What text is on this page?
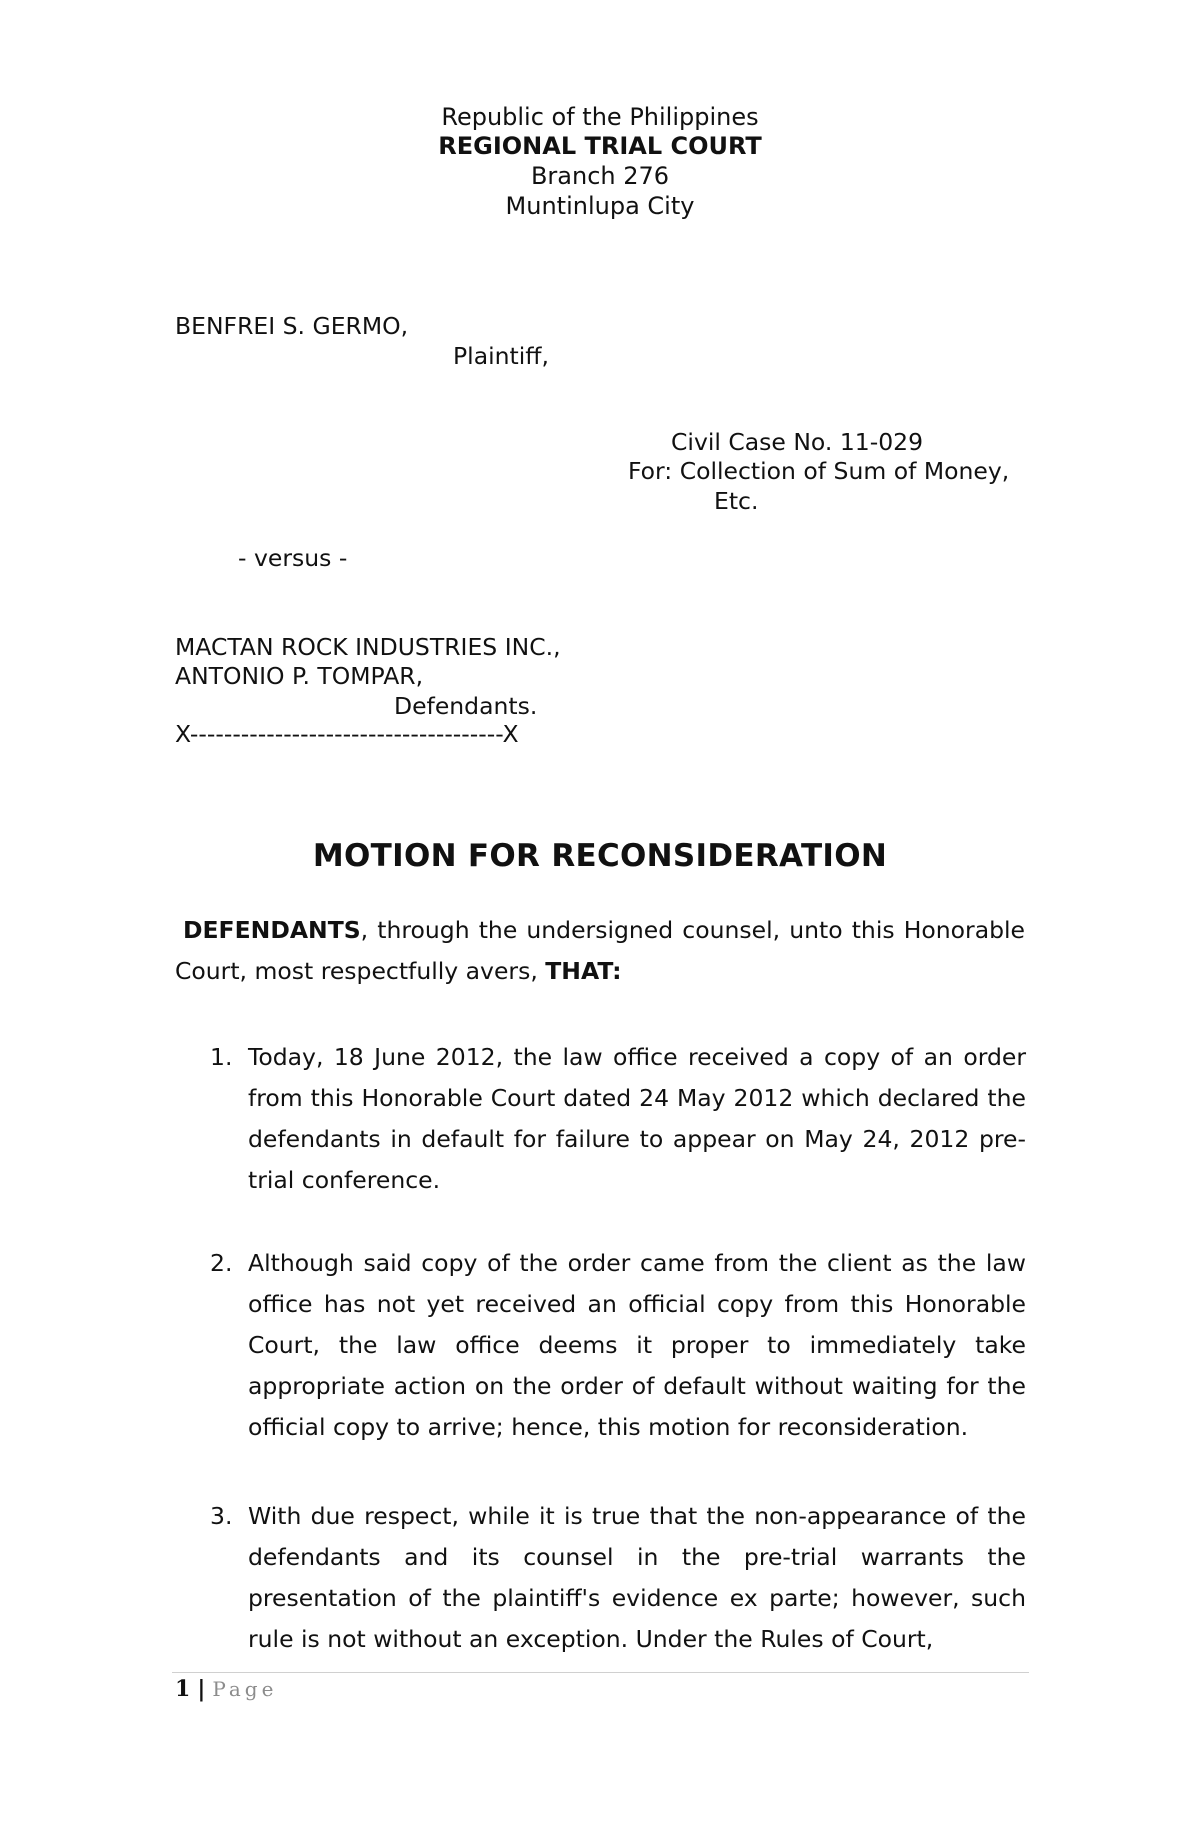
Republic of the Philippines
REGIONAL TRIAL COURT
Branch 276
Muntinlupa City
BENFREI S. GERMO,
Plaintiff,
Civil Case No. 11-029
For: Collection of Sum of Money,
Etc.
- versus -
MACTAN ROCK INDUSTRIES INC.,
ANTONIO P. TOMPAR,
Defendants.
X-------------------------------------X
MOTION FOR RECONSIDERATION
DEFENDANTS, through the undersigned counsel, unto this Honorable Court, most respectfully avers, THAT:
1. Today, 18 June 2012, the law office received a copy of an order from this Honorable Court dated 24 May 2012 which declared the defendants in default for failure to appear on May 24, 2012 pre-trial conference.
2. Although said copy of the order came from the client as the law office has not yet received an official copy from this Honorable Court, the law office deems it proper to immediately take appropriate action on the order of default without waiting for the official copy to arrive; hence, this motion for reconsideration.
3. With due respect, while it is true that the non-appearance of the defendants and its counsel in the pre-trial warrants the presentation of the plaintiff's evidence ex parte; however, such rule is not without an exception. Under the Rules of Court,
1 | Page
